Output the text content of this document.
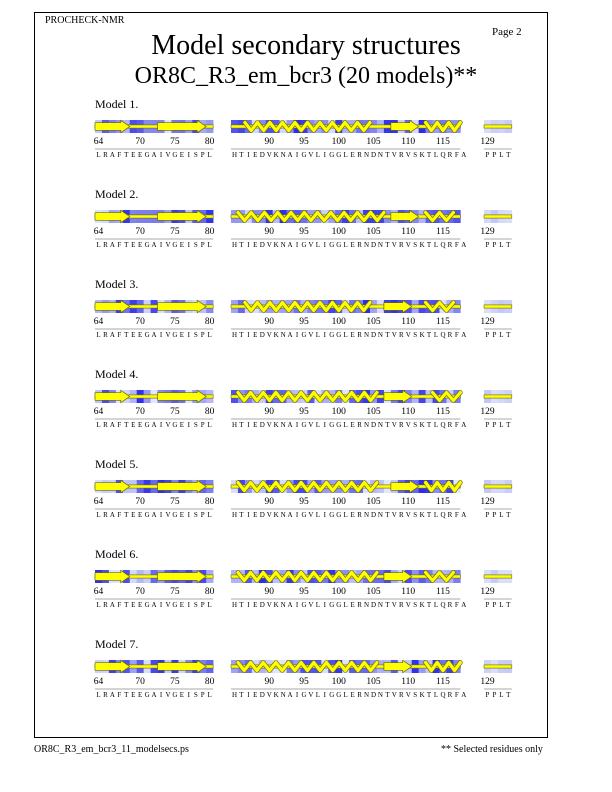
PROCHECK-NMR
Page 2
Model secondary structures
OR8C_R3_em_bcr3 (20 models)**
Model 1.
64	70	75	80
L R A F T E E G A I V G E I S P L
90	95 100 105 110 115
H T I E D V K N A I G V L I G G L E R N D N T V R V S K T L Q R F A
129
P P L T
Model 2.
64	70	75	80
L R A F T E E G A I V G E I S P L
90	95 100 105 110 115
H T I E D V K N A I G V L I G G L E R N D N T V R V S K T L Q R F A
129
P P L T
Model 3.
64	70	75	80
L R A F T E E G A I V G E I S P L
90	95 100 105 110 115
H T I E D V K N A I G V L I G G L E R N D N T V R V S K T L Q R F A
129
P P L T
Model 4.
64	70	75	80
L R A F T E E G A I V G E I S P L
90	95 100 105 110 115
H T I E D V K N A I G V L I G G L E R N D N T V R V S K T L Q R F A
129
P P L T
Model 5.
64	70	75	80
L R A F T E E G A I V G E I S P L
90	95 100 105 110 115
H T I E D V K N A I G V L I G G L E R N D N T V R V S K T L Q R F A
129
P P L T
Model 6.
64	70	75	80
L R A F T E E G A I V G E I S P L
90	95 100 105 110 115
H T I E D V K N A I G V L I G G L E R N D N T V R V S K T L Q R F A
129
P P L T
Model 7.
64	70	75	80
L R A F T E E G A I V G E I S P L
90	95 100 105 110 115
H T I E D V K N A I G V L I G G L E R N D N T V R V S K T L Q R F A
129
P P L T
OR8C_R3_em_bcr3_11_modelsecs.ps	** Selected residues only
